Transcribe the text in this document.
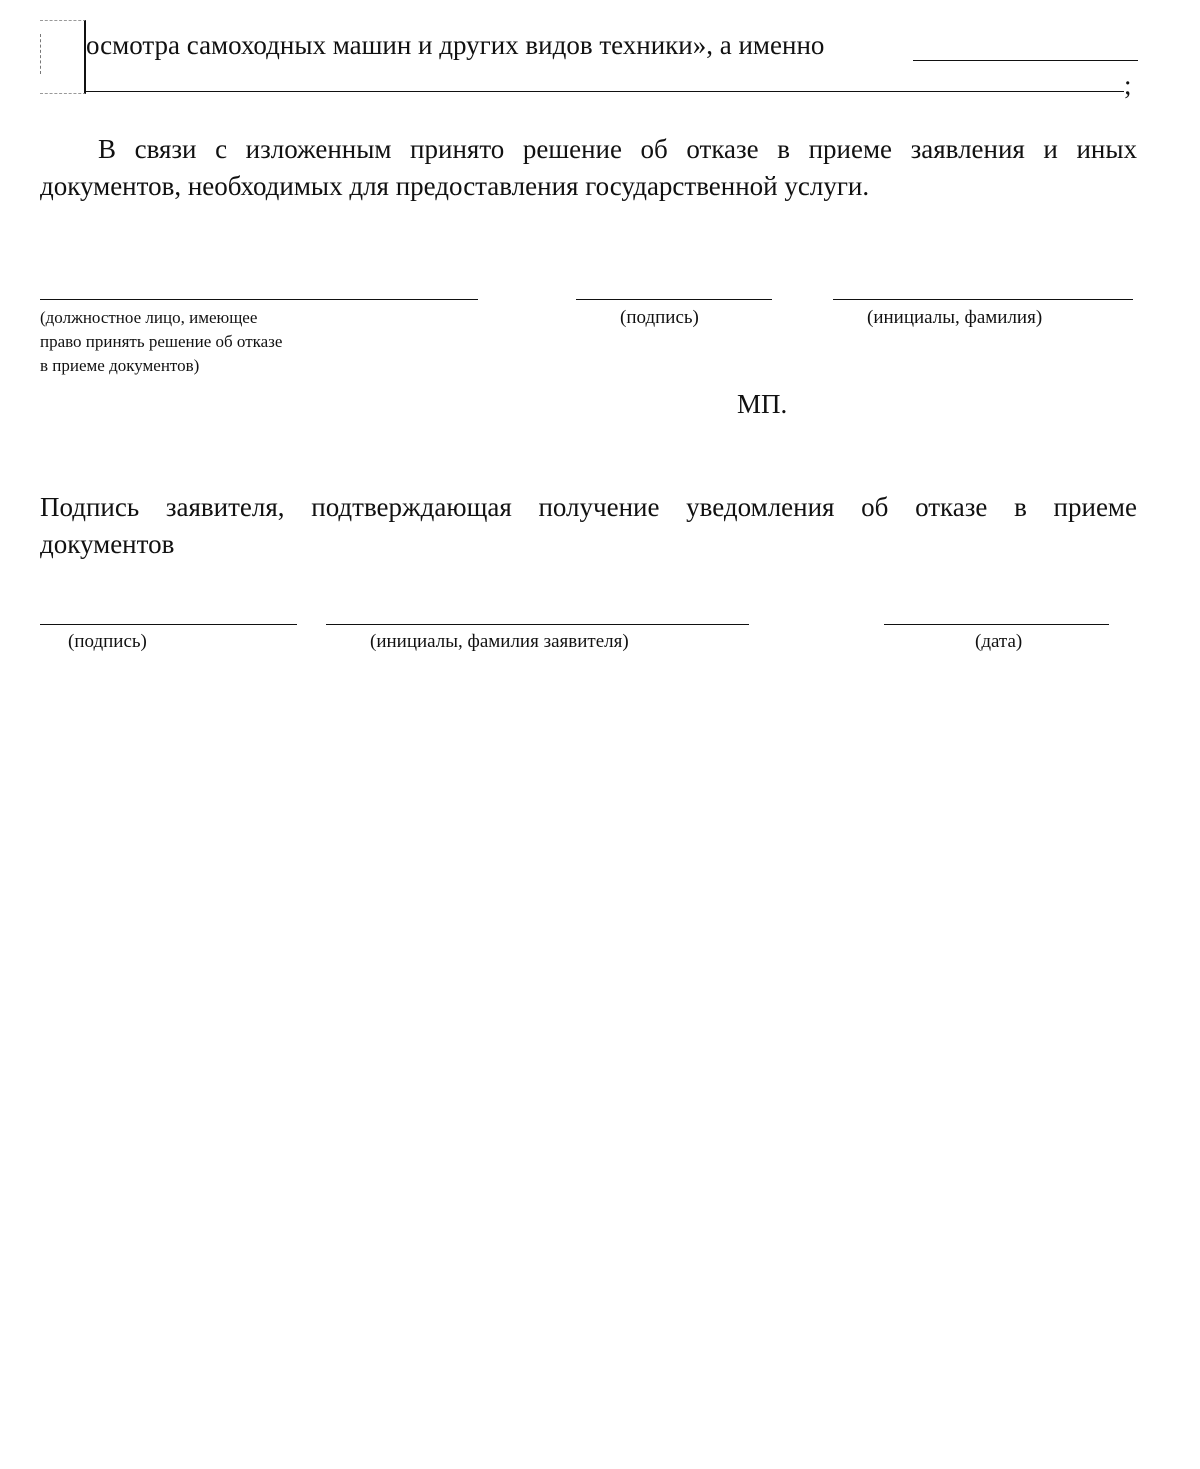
осмотра самоходных машин и других видов техники», а именно
;
В связи с изложенным принято решение об отказе в приеме заявления и иных
документов, необходимых для предоставления государственной услуги.
(должностное лицо, имеющее
право принять решение об отказе
в приеме документов)
(подпись)	(инициалы, фамилия)
МП.
Подпись заявителя, подтверждающая получение уведомления об отказе в приеме
документов
(подпись)	(инициалы, фамилия заявителя)	(дата)
